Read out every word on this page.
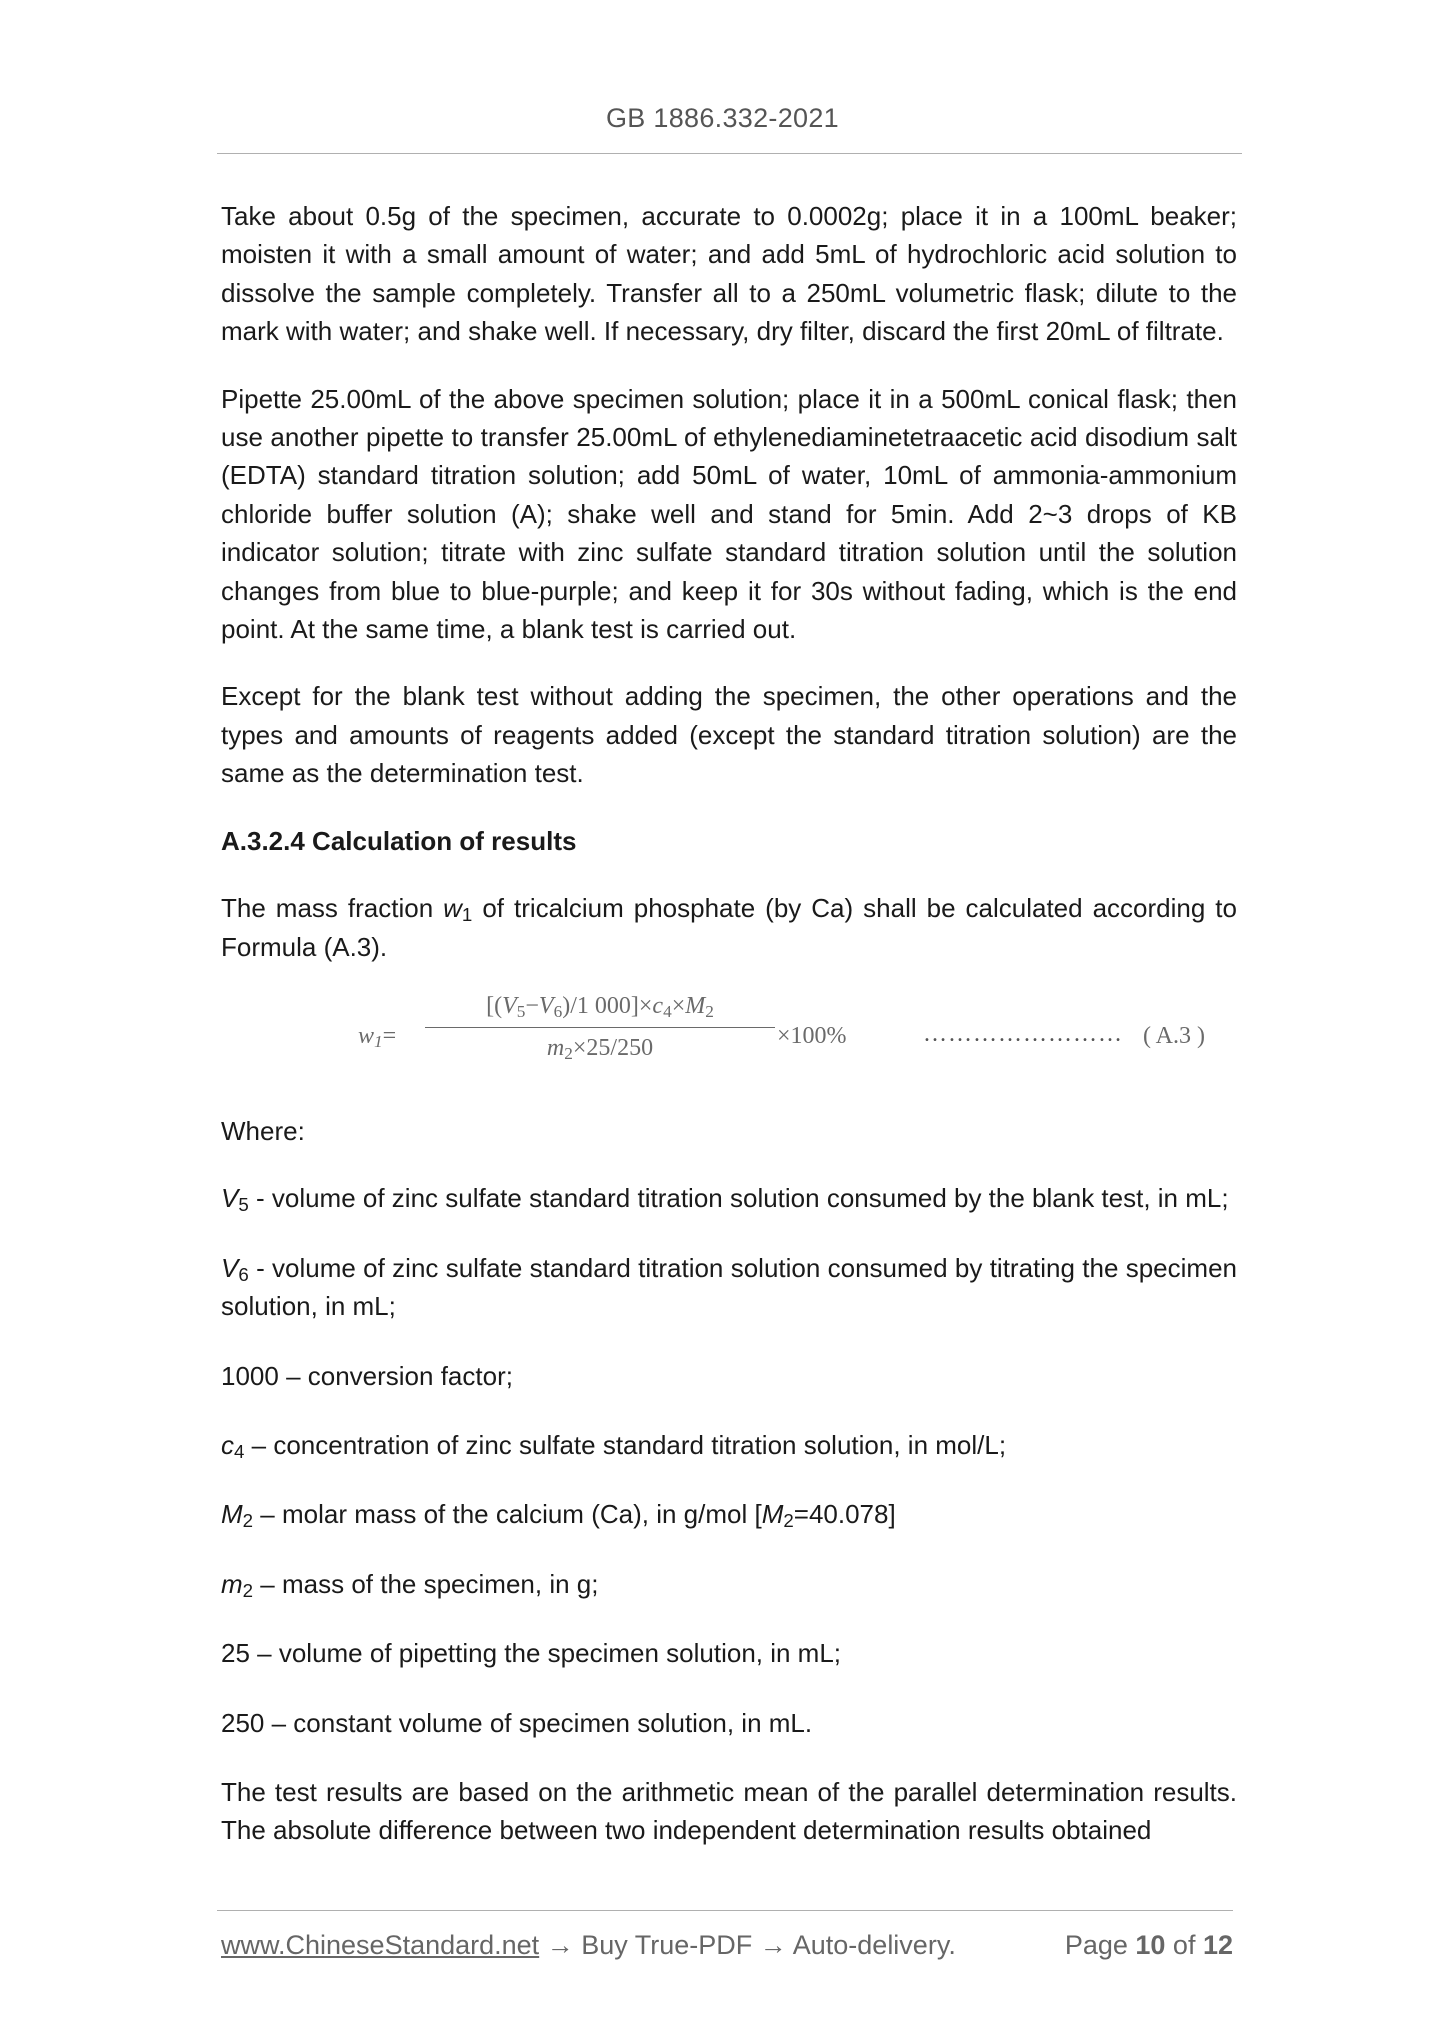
GB 1886.332-2021

Take about 0.5g of the specimen, accurate to 0.0002g; place it in a 100mL beaker; moisten it with a small amount of water; and add 5mL of hydrochloric acid solution to dissolve the sample completely. Transfer all to a 250mL volumetric flask; dilute to the mark with water; and shake well. If necessary, dry filter, discard the first 20mL of filtrate.

Pipette 25.00mL of the above specimen solution; place it in a 500mL conical flask; then use another pipette to transfer 25.00mL of ethylenediaminetetraacetic acid disodium salt (EDTA) standard titration solution; add 50mL of water, 10mL of ammonia-ammonium chloride buffer solution (A); shake well and stand for 5min. Add 2~3 drops of KB indicator solution; titrate with zinc sulfate standard titration solution until the solution changes from blue to blue-purple; and keep it for 30s without fading, which is the end point. At the same time, a blank test is carried out.

Except for the blank test without adding the specimen, the other operations and the types and amounts of reagents added (except the standard titration solution) are the same as the determination test.

A.3.2.4 Calculation of results

The mass fraction $w_1$ of tricalcium phosphate (by Ca) shall be calculated according to Formula (A.3).

$w_1=$
[$(V_5-V_6)/1$ $000]\times c_4\times M_2$
$m_2\times 25/250$	×100%	…………………… ( A.3 )

Where:

$V_5$ - volume of zinc sulfate standard titration solution consumed by the blank test, in mL;

$V_6$ - volume of zinc sulfate standard titration solution consumed by titrating the specimen solution, in mL;

1000 – conversion factor;

$c_4$ – concentration of zinc sulfate standard titration solution, in mol/L;

$M_2$ – molar mass of the calcium (Ca), in g/mol $[M_2=40.078]$

$m_2$ – mass of the specimen, in g;

25 – volume of pipetting the specimen solution, in mL;

250 – constant volume of specimen solution, in mL.

The test results are based on the arithmetic mean of the parallel determination results. The absolute difference between two independent determination results obtained

www.ChineseStandard.net → Buy True-PDF → Auto-delivery.	Page 10 of 12
